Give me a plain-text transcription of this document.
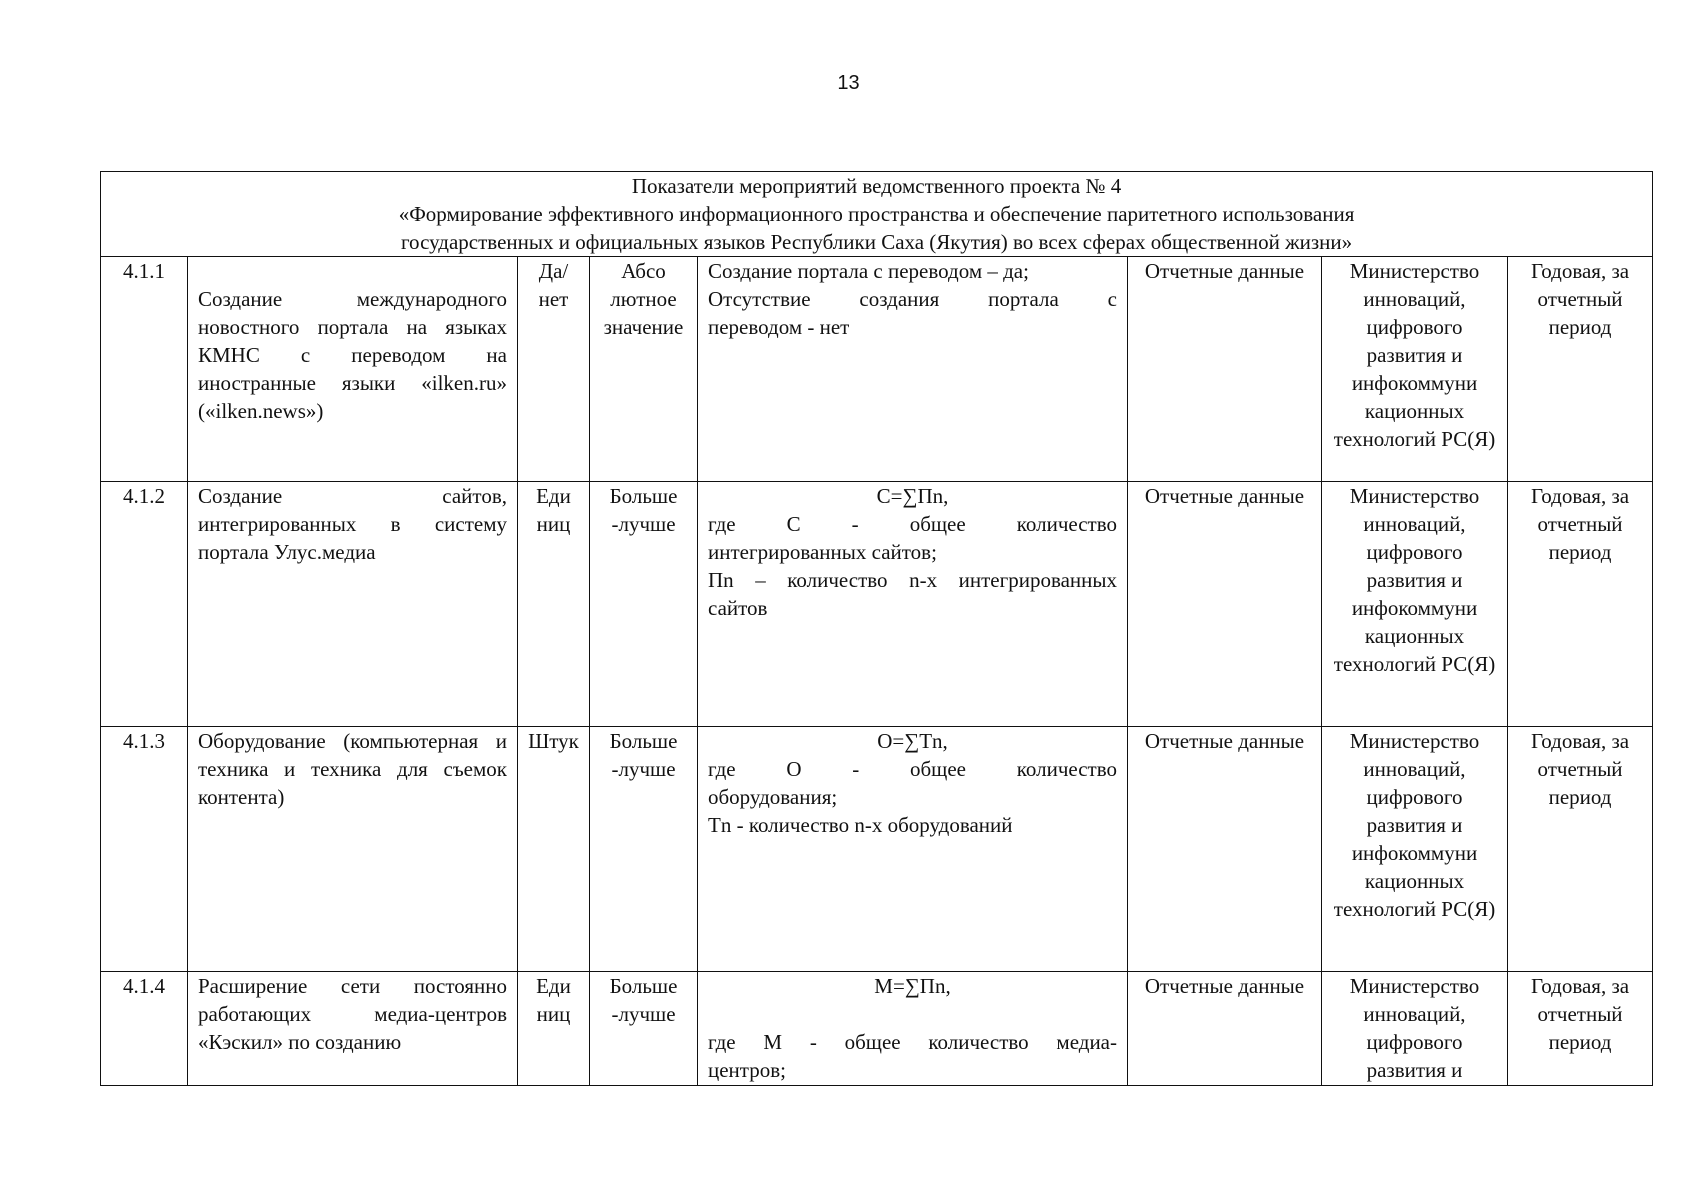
13
Показатели мероприятий ведомственного проекта № 4
«Формирование эффективного информационного пространства и обеспечение паритетного использования
государственных и официальных языков Республики Саха (Якутия) во всех сферах общественной жизни»							

4.1.1	Создание международного новостного портала на языках КМНС с переводом на иностранные языки «ilken.ru» («ilken.news»)	Да/нет	Абсо лютное значение	Создание портала с переводом – да;
Отсутствие создания портала с
переводом - нет	Отчетные данные	Министерство инноваций, цифрового развития и инфокоммуни кационных технологий РС(Я)	Годовая, за отчетный период
4.1.2	Создание сайтов, интегрированных в систему портала Улус.медиа	Еди ниц	Больше -лучше	С=∑Пn,
где С - общее количество
интегрированных сайтов;
Пn – количество n-х интегрированных
сайтов	Отчетные данные	Министерство инноваций, цифрового развития и инфокоммуни кационных технологий РС(Я)	Годовая, за отчетный период
4.1.3	Оборудование (компьютерная и техника и техника для съемок контента)	Штук	Больше -лучше	О=∑Тn,
где О - общее количество
оборудования;
Тn - количество n-х оборудований	Отчетные данные	Министерство инноваций, цифрового развития и инфокоммуни кационных технологий РС(Я)	Годовая, за отчетный период
4.1.4	Расширение сети постоянно работающих медиа-центров «Кэскил» по созданию	Еди ниц	Больше -лучше	М=∑Пn,
где М - общее количество медиа-
центров;	Отчетные данные	Министерство инноваций, цифрового развития и	Годовая, за отчетный период
